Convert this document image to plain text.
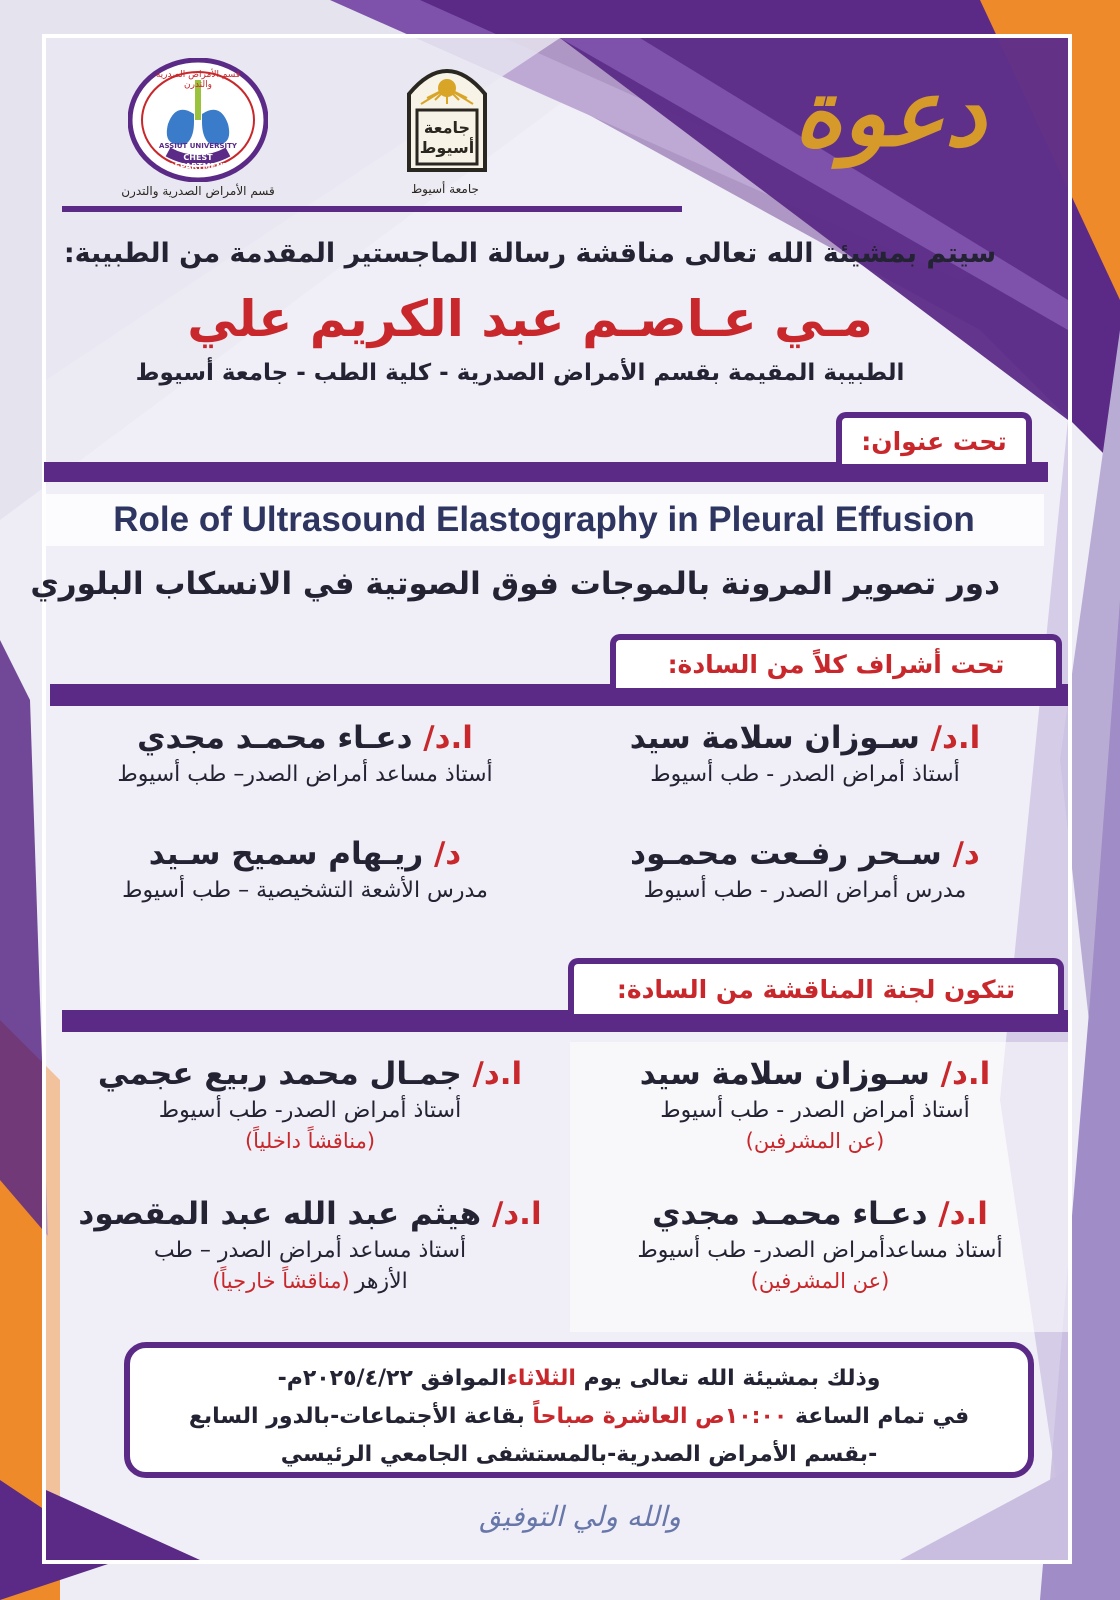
دعوة
جامعة أسيوط
جامعة أسيوط
قسم الأمراض الصدرية والتدرن
ASSIUT UNIVERSITY
CHEST DEPARTMENT
قسم الأمراض الصدرية والتدرن
سيتم بمشيئة الله تعالى مناقشة رسالة الماجستير المقدمة من الطبيبة:
مـي عـاصـم عبد الكريم علي
الطبيبة المقيمة بقسم الأمراض الصدرية - كلية الطب - جامعة أسيوط
تحت عنوان:
Role of Ultrasound Elastography in Pleural Effusion
دور تصوير المرونة بالموجات فوق الصوتية في الانسكاب البلوري
تحت أشراف كلاً من السادة:
ا.د/ سـوزان سلامة سيد
أستاذ أمراض الصدر - طب أسيوط
ا.د/ دعـاء محمـد مجدي
أستاذ مساعد أمراض الصدر– طب أسيوط
د/ سـحر رفـعت محمـود
مدرس أمراض الصدر - طب أسيوط
د/ ريـهام سميح سـيد
مدرس الأشعة التشخيصية – طب أسيوط
تتكون لجنة المناقشة من السادة:
ا.د/ سـوزان سلامة سيد
أستاذ أمراض الصدر - طب أسيوط
(عن المشرفين)
ا.د/ جمـال محمد ربيع عجمي
أستاذ أمراض الصدر- طب أسيوط
(مناقشاً داخلياً)
ا.د/ دعـاء محمـد مجدي
أستاذ مساعدأمراض الصدر- طب أسيوط
(عن المشرفين)
ا.د/ هيثم عبد الله عبد المقصود
أستاذ مساعد أمراض الصدر – طب
الأزهر (مناقشاً خارجياً)
وذلك بمشيئة الله تعالى يوم الثلاثاءالموافق ٢٠٢٥/٤/٢٢م-
في تمام الساعة ١٠:٠٠ص العاشرة صباحاً بقاعة الأجتماعات-بالدور السابع
-بقسم الأمراض الصدرية-بالمستشفى الجامعي الرئيسي
والله ولي التوفيق
